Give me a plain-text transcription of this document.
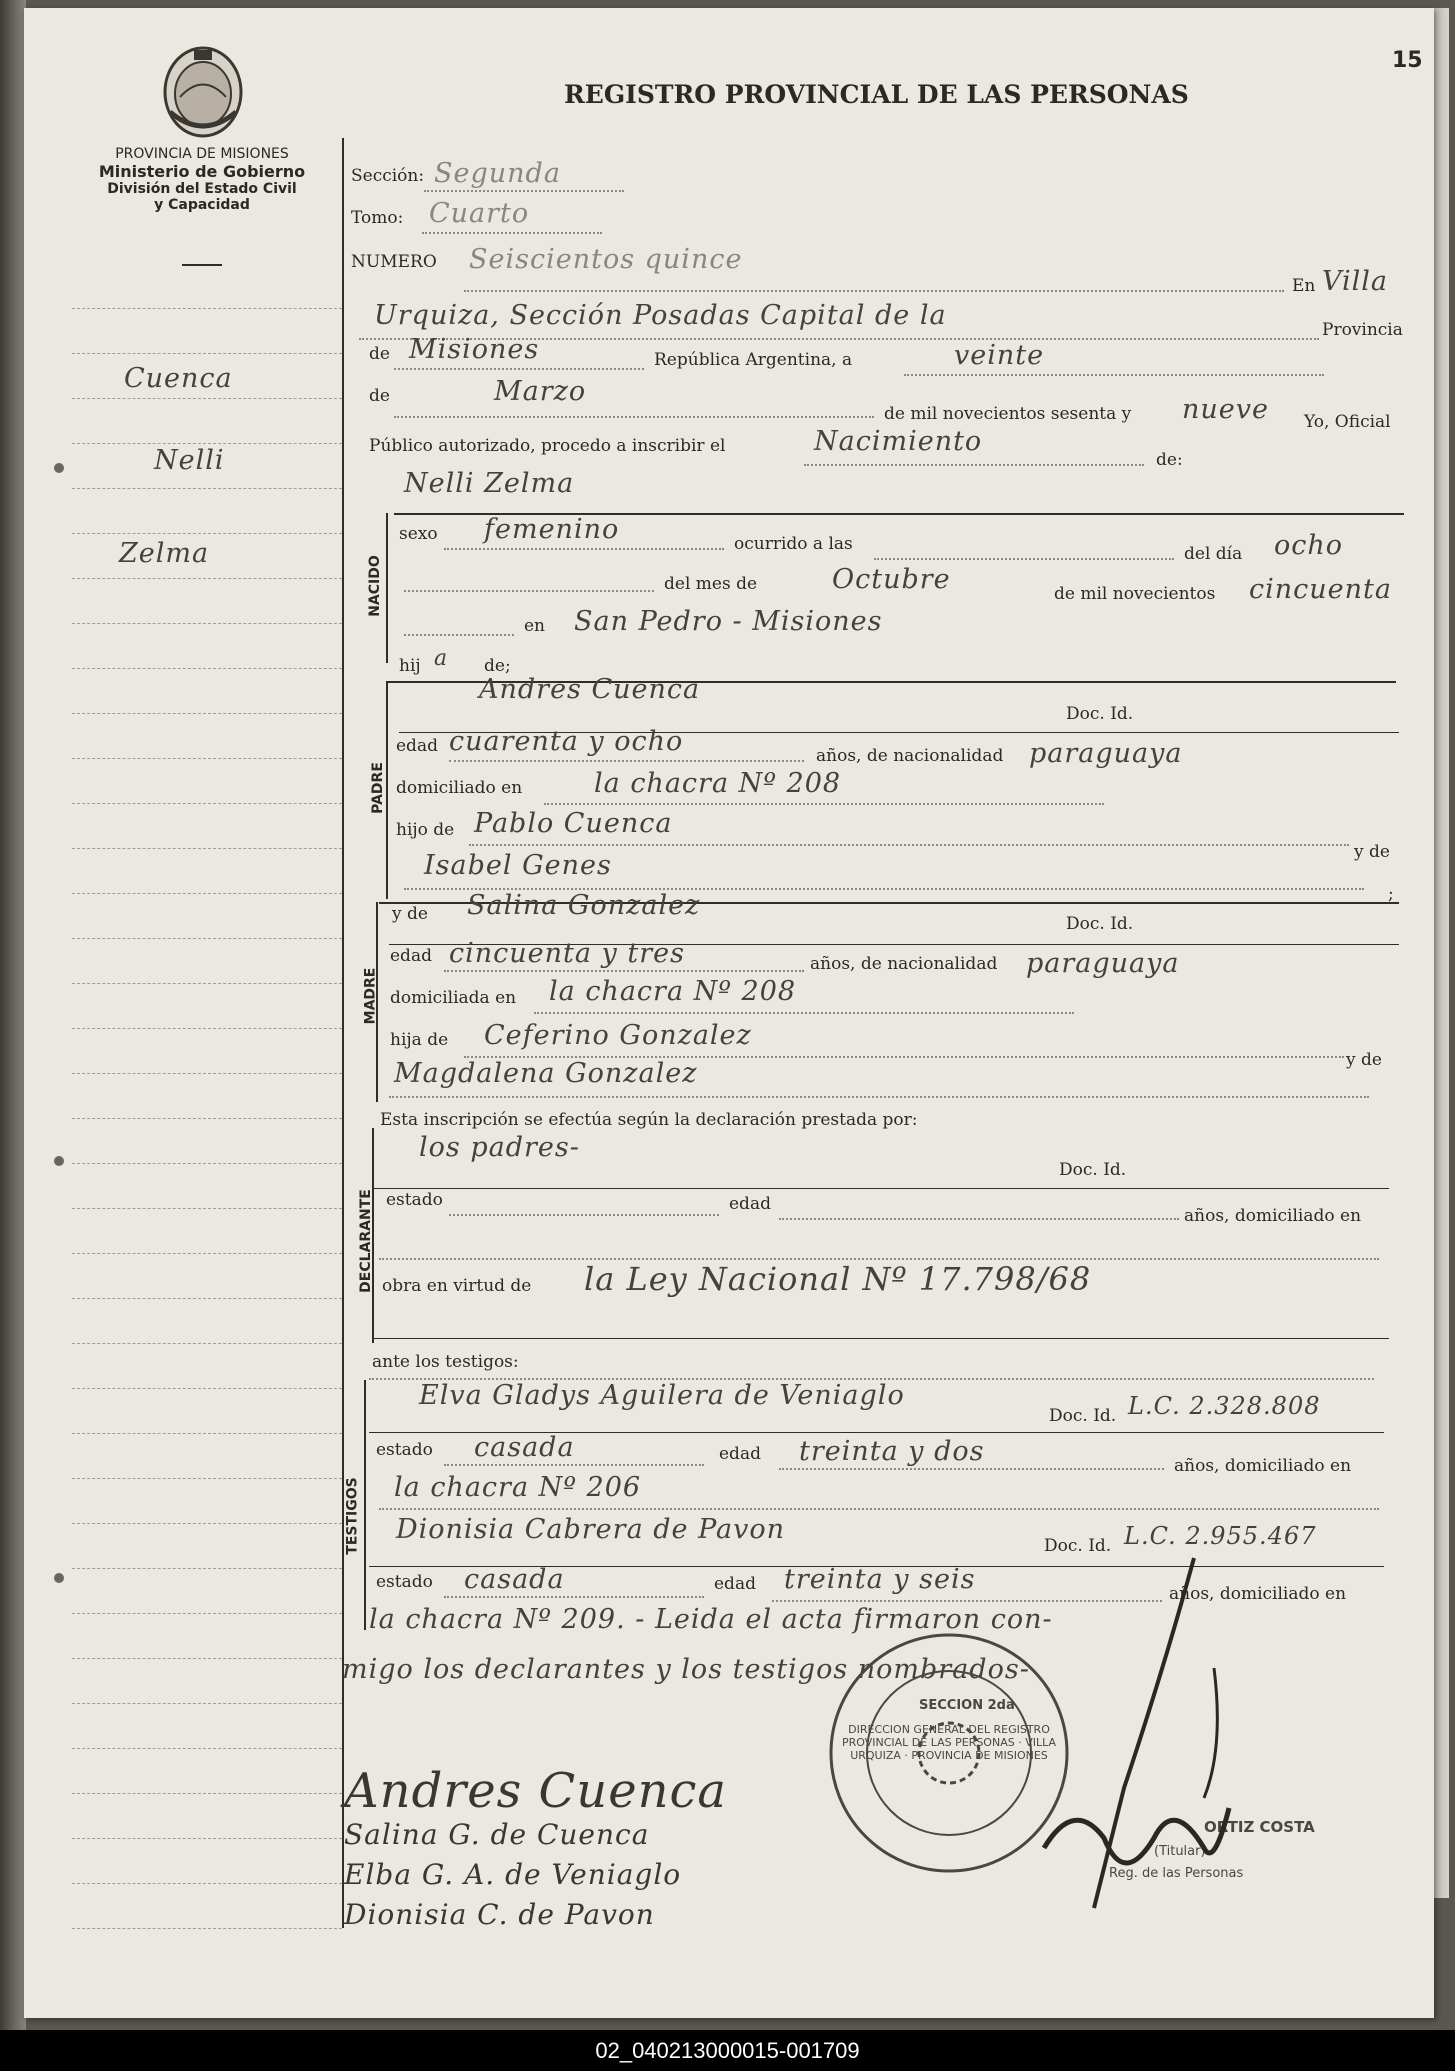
PROVINCIA DE MISIONES
Ministerio de Gobierno
División del Estado Civil
y Capacidad
REGISTRO PROVINCIAL DE LAS PERSONAS
15
Cuenca
Nelli
Zelma
Sección: Segunda
Tomo: Cuarto
NUMERO Seiscientos quince
En Villa
Urquiza, Sección Posadas Capital de la	Provincia
de Misiones	República Argentina, a	veinte
de	Marzo
de mil novecientos sesenta y nueve Yo, Oficial
Público autorizado, procedo a inscribir el	Nacimiento
de:
Nelli Zelma
NACIDO
sexo femenino	ocurrido a las	del día ocho
del mes de	Octubre	de mil novecientos cincuenta
en San Pedro - Misiones
hij a de;
PADRE
Andres Cuenca
Doc. Id.
edad cuarenta y ocho	años, de nacionalidad paraguaya
domiciliado en	la chacra Nº 208
hijo de Pablo Cuenca
y de
Isabel Genes
;
MADRE
y de Salina Gonzalez
Doc. Id.
edad cincuenta y tres	años, de nacionalidad paraguaya
domiciliada en la chacra Nº 208
hija de Ceferino Gonzalez
y de
Magdalena Gonzalez
Esta inscripción se efectúa según la declaración prestada por:
DECLARANTE
los padres-
Doc. Id.
estado	edad
años, domiciliado en
obra en virtud de la Ley Nacional Nº 17.798/68
ante los testigos:
TESTIGOS
Elva Gladys Aguilera de Veniaglo
Doc. Id. L.C. 2.328.808
estado casada	edad treinta y dos	años, domiciliado en
la chacra Nº 206
Dionisia Cabrera de Pavon
Doc. Id. L.C. 2.955.467
estado casada	edad treinta y seis	años, domiciliado en
la chacra Nº 209. - Leida el acta firmaron con-
migo los declarantes y los testigos nombrados-
DIRECCION GENERAL DEL REGISTRO PROVINCIAL DE LAS PERSONAS · VILLA URQUIZA · PROVINCIA DE MISIONES
SECCION 2da
ORTIZ COSTA
(Titular)
Reg. de las Personas
Andres Cuenca
Salina G. de Cuenca
Elba G. A. de Veniaglo
Dionisia C. de Pavon
02_040213000015-001709
